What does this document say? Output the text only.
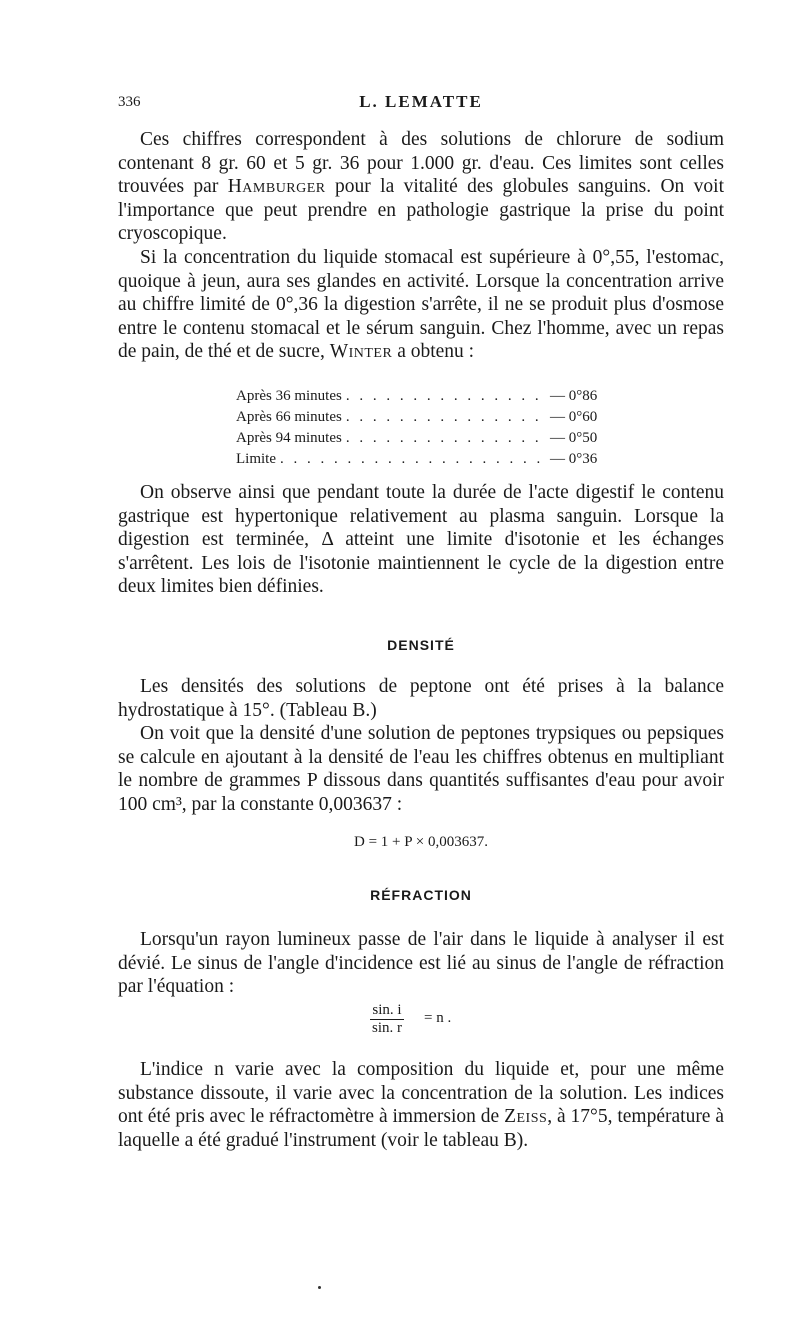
336	L. LEMATTE

Ces chiffres correspondent à des solutions de chlorure de sodium contenant 8 gr. 60 et 5 gr. 36 pour 1.000 gr. d'eau. Ces limites sont celles trouvées par Hamburger pour la vitalité des globules sanguins. On voit l'importance que peut prendre en pathologie gastrique la prise du point cryoscopique.

Si la concentration du liquide stomacal est supérieure à 0°,55, l'estomac, quoique à jeun, aura ses glandes en activité. Lorsque la concentration arrive au chiffre limité de 0°,36 la digestion s'arrête, il ne se produit plus d'osmose entre le contenu stomacal et le sérum sanguin. Chez l'homme, avec un repas de pain, de thé et de sucre, Winter a obtenu :

Après 36 minutes . . .	— 0°86
Après 66 minutes . . .	— 0°60
Après 94 minutes . . .	— 0°50
Limite . . .	— 0°36

On observe ainsi que pendant toute la durée de l'acte digestif le contenu gastrique est hypertonique relativement au plasma sanguin. Lorsque la digestion est terminée, Δ atteint une limite d'isotonie et les échanges s'arrêtent. Les lois de l'isotonie maintiennent le cycle de la digestion entre deux limites bien définies.

DENSITÉ

Les densités des solutions de peptone ont été prises à la balance hydrostatique à 15°. (Tableau B.)

On voit que la densité d'une solution de peptones trypsiques ou pepsiques se calcule en ajoutant à la densité de l'eau les chiffres obtenus en multipliant le nombre de grammes P dissous dans quantités suffisantes d'eau pour avoir 100 cm³, par la constante 0,003637 :

D = 1 + P × 0,003637.
RÉFRACTION

Lorsqu'un rayon lumineux passe de l'air dans le liquide à analyser il est dévié. Le sinus de l'angle d'incidence est lié au sinus de l'angle de réfraction par l'équation :

sin. i
sin. r
= n .

L'indice n varie avec la composition du liquide et, pour une même substance dissoute, il varie avec la concentration de la solution. Les indices ont été pris avec le réfractomètre à immersion de Zeiss, à 17°5, température à laquelle a été gradué l'instrument (voir le tableau B).
